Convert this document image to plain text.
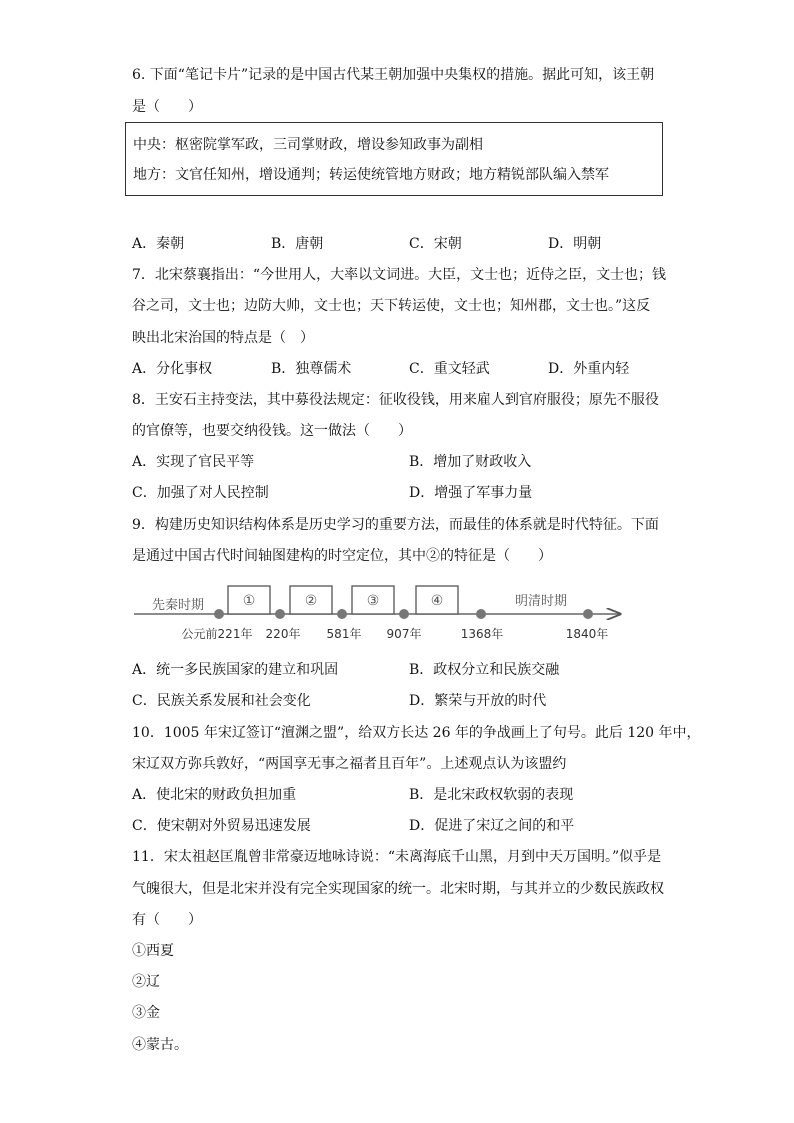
6. 下面“笔记卡片”记录的是中国古代某王朝加强中央集权的措施。据此可知，该王朝
是（　　）
中央：枢密院掌军政，三司掌财政，增设参知政事为副相
地方：文官任知州，增设通判；转运使统管地方财政；地方精锐部队编入禁军
A．秦朝	B．唐朝	C．宋朝	D．明朝
7．北宋蔡襄指出：“今世用人，大率以文词进。大臣，文士也；近侍之臣，文士也；钱
谷之司，文士也；边防大帅，文士也；天下转运使，文士也；知州郡，文士也。”这反
映出北宋治国的特点是（　）
A．分化事权	B．独尊儒术	C．重文轻武	D．外重内轻
8．王安石主持变法，其中募役法规定：征收役钱，用来雇人到官府服役；原先不服役
的官僚等，也要交纳役钱。这一做法（　　）
A．实现了官民平等	B．增加了财政收入
C．加强了对人民控制	D．增强了军事力量
9．构建历史知识结构体系是历史学习的重要方法，而最佳的体系就是时代特征。下面
是通过中国古代时间轴图建构的时空定位，其中②的特征是（　　）
先秦时期	明清时期
①	②	③	④
公元前221年 220年 581年 907年	1368年	1840年
A．统一多民族国家的建立和巩固	B．政权分立和民族交融
C．民族关系发展和社会变化	D．繁荣与开放的时代
10．1005 年宋辽签订“澶渊之盟”，给双方长达 26 年的争战画上了句号。此后 120 年中，
宋辽双方弥兵敦好，“两国享无事之福者且百年”。上述观点认为该盟约
A．使北宋的财政负担加重	B．是北宋政权软弱的表现
C．使宋朝对外贸易迅速发展	D．促进了宋辽之间的和平
11．宋太祖赵匡胤曾非常豪迈地咏诗说：“未离海底千山黑，月到中天万国明。”似乎是
气魄很大，但是北宋并没有完全实现国家的统一。北宋时期，与其并立的少数民族政权
有（　　）
①西夏
②辽
③金
④蒙古。
